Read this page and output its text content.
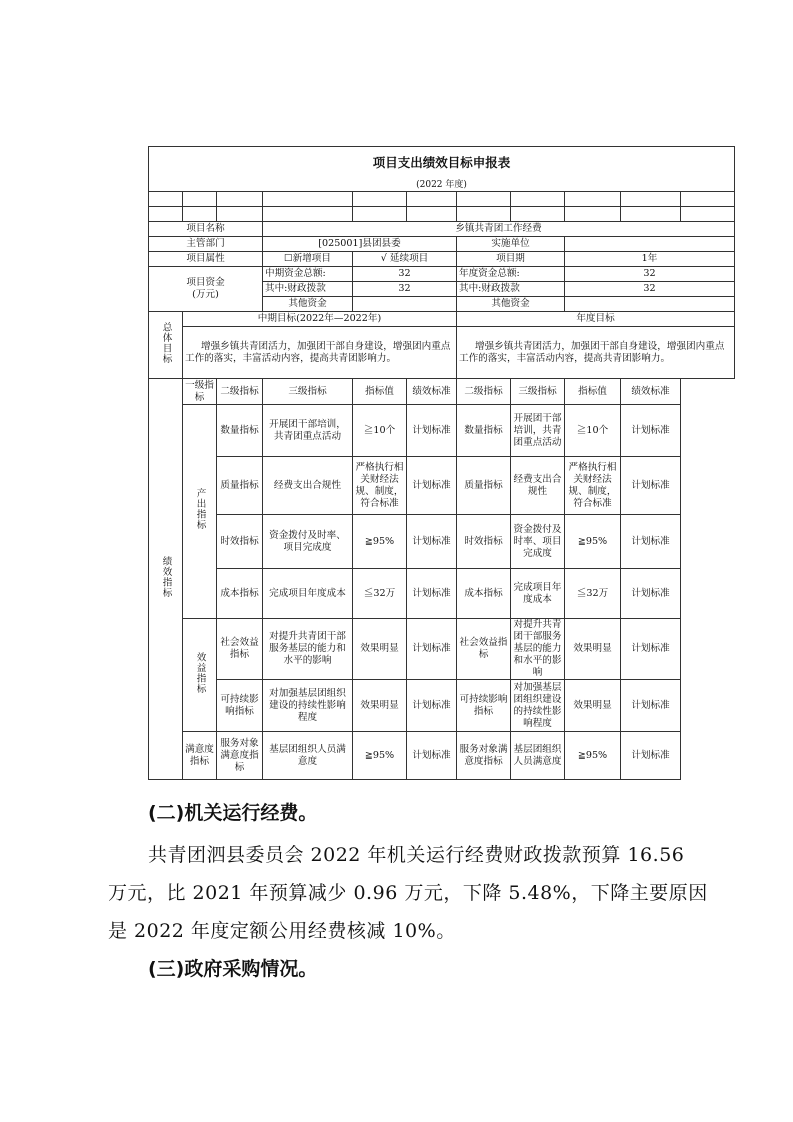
项目支出绩效目标申报表										
(2022 年度)										

项目名称			乡镇共青团工作经费							
主管部门			[025001]县团县委			实施单位				
项目属性			☐新增项目	√ 延续项目		项目期		1年		

项目资金
(万元)			中期资金总额:	32		年度资金总额:		32		
			其中:财政拨款	32		其中:财政拨款		32		
			其他资金			其他资金				
总体目标	中期目标(2022年—2022年)					年度目标				
	增强乡镇共青团活力，加强团干部自身建设，增强团内重点工作的落实，丰富活动内容，提高共青团影响力。					增强乡镇共青团活力，加强团干部自身建设，增强团内重点工作的落实，丰富活动内容，提高共青团影响力。				
绩效指标	一级指标	二级指标	三级指标	指标值	绩效标准	二级指标	三级指标	指标值	绩效标准	
	产出指标	数量指标	开展团干部培训，共青团重点活动	≧10个	计划标准	数量指标	开展团干部培训，共青团重点活动	≧10个	计划标准	
		质量指标	经费支出合规性	严格执行相关财经法规、制度，符合标准	计划标准	质量指标	经费支出合规性	严格执行相关财经法规、制度，符合标准	计划标准	
		时效指标	资金拨付及时率、项目完成度	≧95%	计划标准	时效指标	资金拨付及时率、项目完成度	≧95%	计划标准	
		成本指标	完成项目年度成本	≦32万	计划标准	成本指标	完成项目年度成本	≦32万	计划标准	
	效益指标	社会效益指标	对提升共青团干部服务基层的能力和水平的影响	效果明显	计划标准	社会效益指标	对提升共青团干部服务基层的能力和水平的影响	效果明显	计划标准	
		可持续影响指标	对加强基层团组织建设的持续性影响程度	效果明显	计划标准	可持续影响指标	对加强基层团组织建设的持续性影响程度	效果明显	计划标准	
	满意度指标	服务对象满意度指标	基层团组织人员满意度	≧95%	计划标准	服务对象满意度指标	基层团组织人员满意度	≧95%	计划标准	
(二)机关运行经费。
共青团泗县委员会 2022 年机关运行经费财政拨款预算 16.56 万元，比 2021 年预算减少 0.96 万元，下降 5.48%，下降主要原因是 2022 年度定额公用经费核减 10%。
(三)政府采购情况。
